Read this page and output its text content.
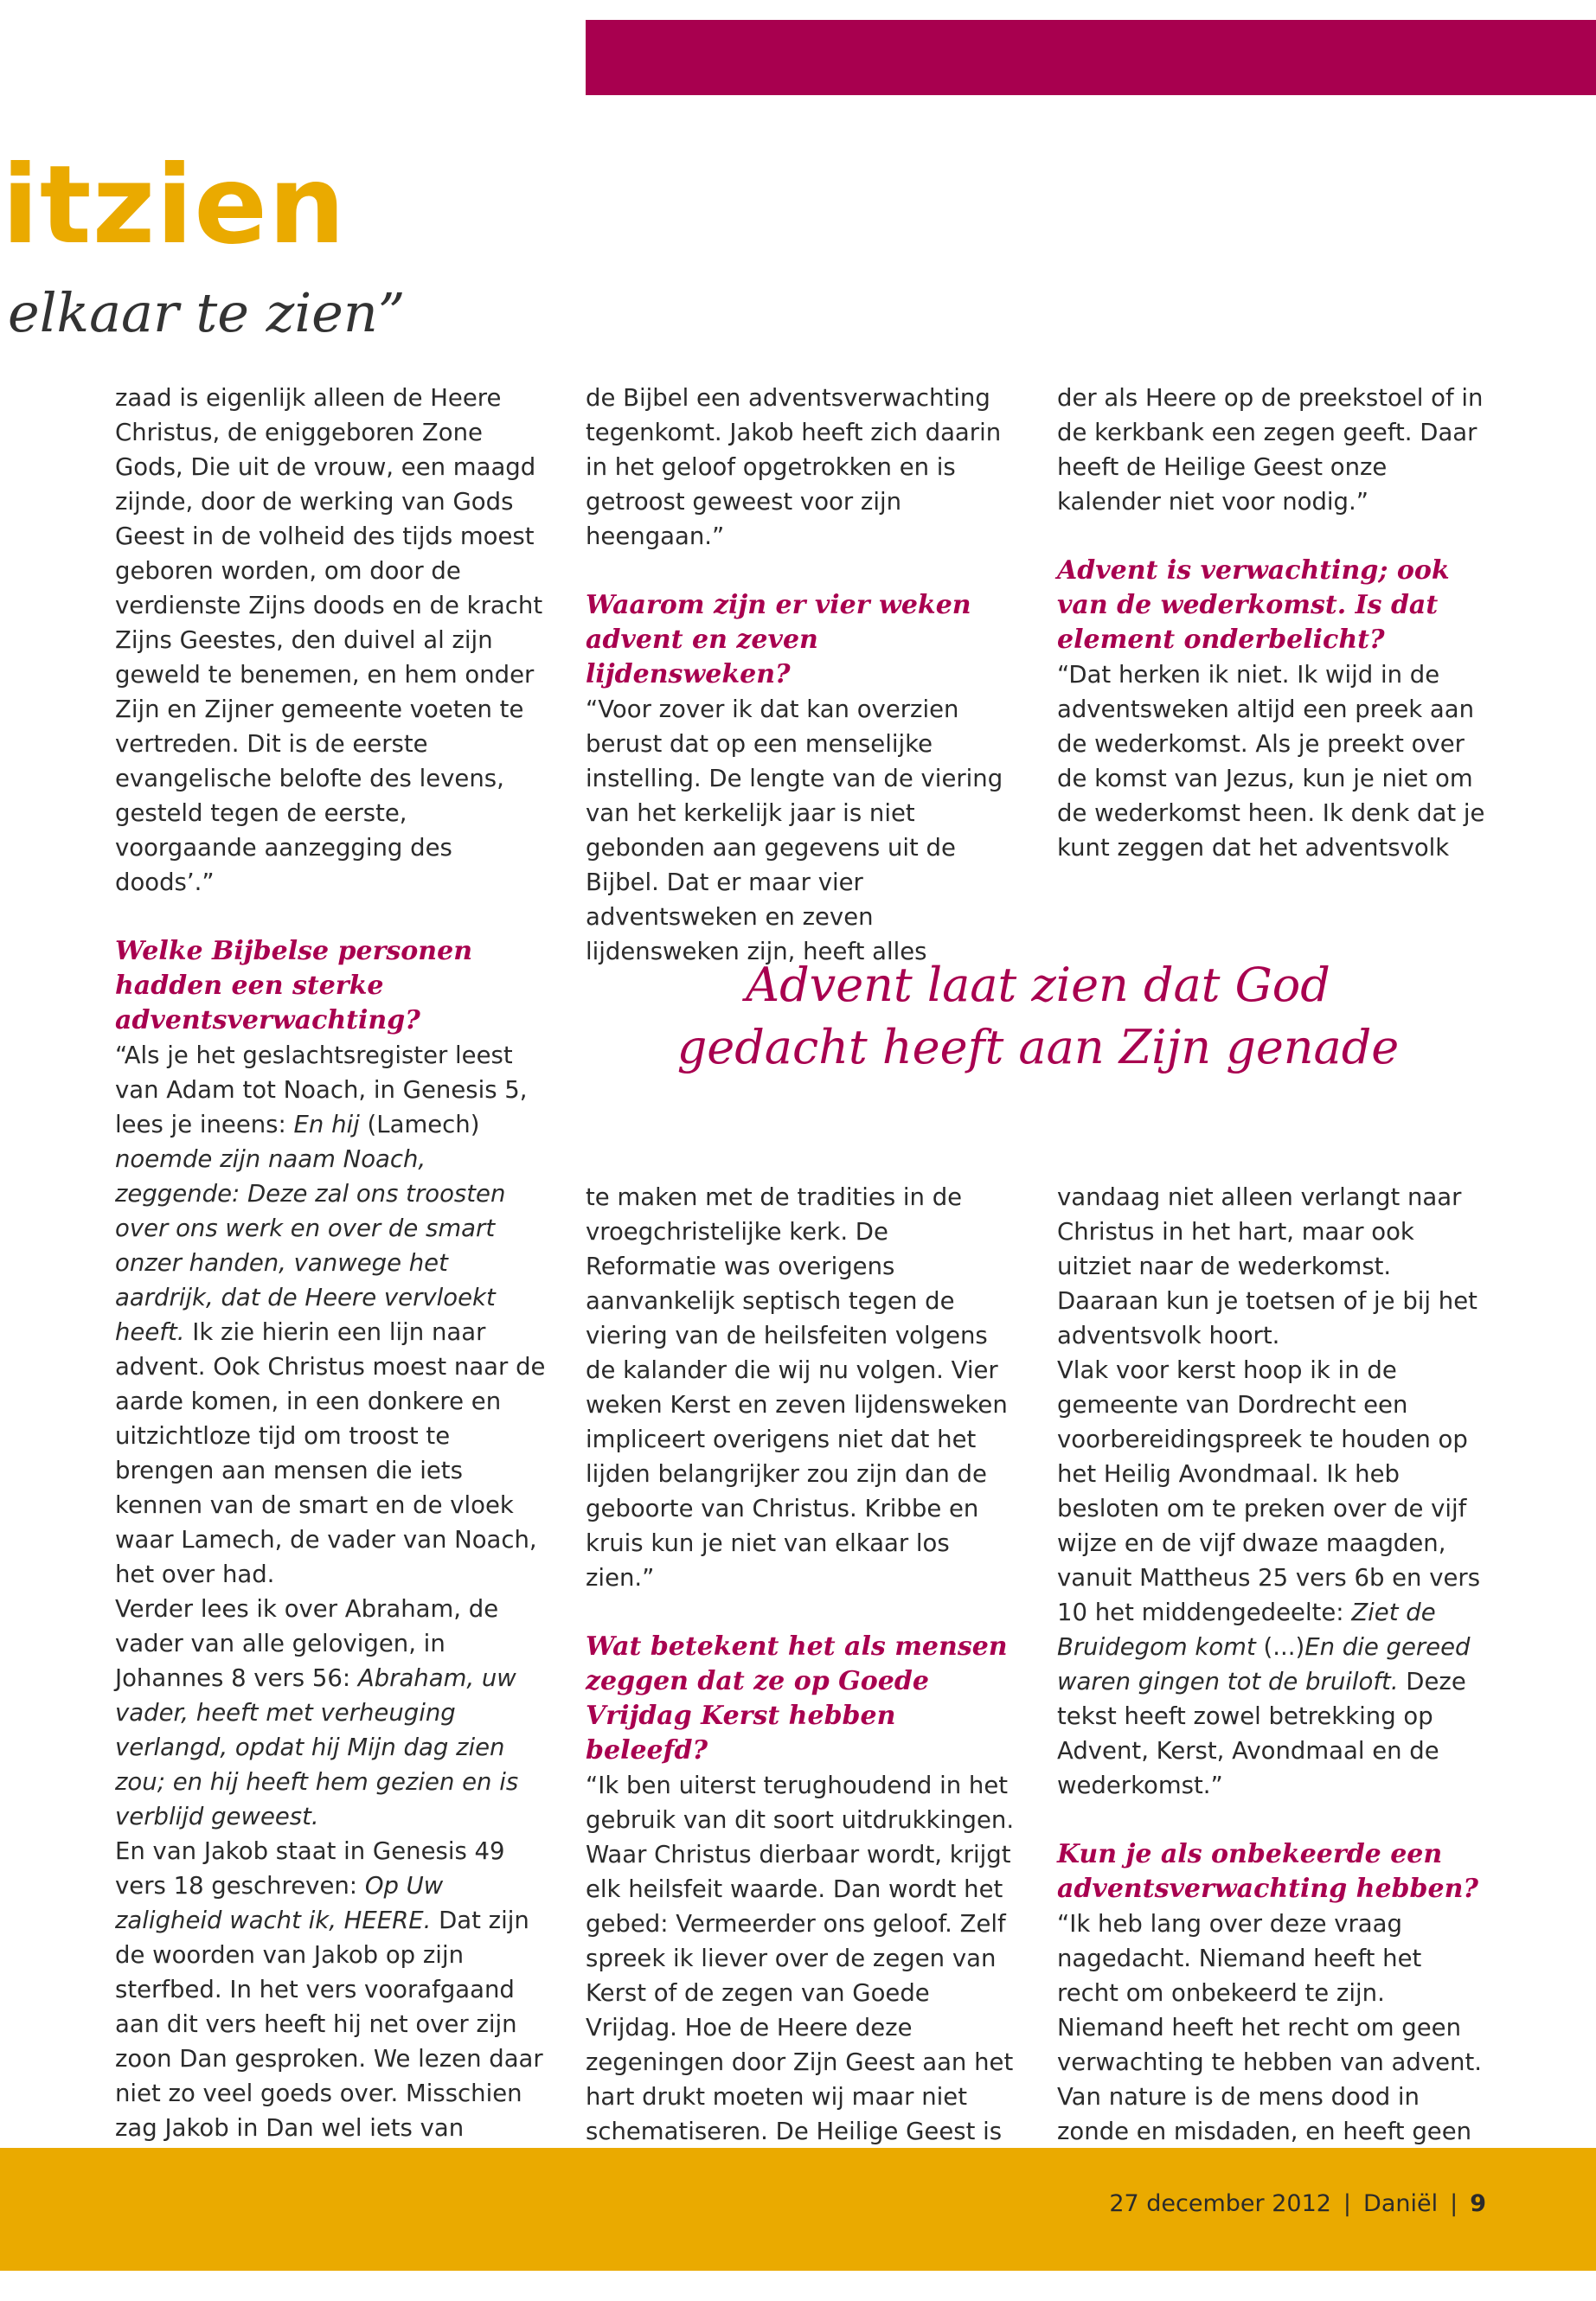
itzien
elkaar te zien”

zaad is eigenlijk alleen de Heere Christus, de eniggeboren Zone Gods, Die uit de vrouw, een maagd zijnde, door de werking van Gods Geest in de volheid des tijds moest geboren worden, om door de verdienste Zijns doods en de kracht Zijns Geestes, den duivel al zijn geweld te benemen, en hem onder Zijn en Zijner gemeente voeten te vertreden. Dit is de eerste evangelische belofte des levens, gesteld tegen de eerste, voorgaande aanzegging des doods’.”

Welke Bijbelse personen hadden een sterke adventsverwachting?

“Als je het geslachtsregister leest van Adam tot Noach, in Genesis 5, lees je ineens: En hij (Lamech) noemde zijn naam Noach, zeggende: Deze zal ons troosten over ons werk en over de smart onzer handen, vanwege het aardrijk, dat de Heere vervloekt heeft. Ik zie hierin een lijn naar advent. Ook Christus moest naar de aarde komen, in een donkere en uitzichtloze tijd om troost te brengen aan mensen die iets kennen van de smart en de vloek waar Lamech, de vader van Noach, het over had.

Verder lees ik over Abraham, de vader van alle gelovigen, in Johannes 8 vers 56: Abraham, uw vader, heeft met verheuging verlangd, opdat hij Mijn dag zien zou; en hij heeft hem gezien en is verblijd geweest.

En van Jakob staat in Genesis 49 vers 18 geschreven: Op Uw zaligheid wacht ik, HEERE. Dat zijn de woorden van Jakob op zijn sterfbed. In het vers voorafgaand aan dit vers heeft hij net over zijn zoon Dan gesproken. We lezen daar niet zo veel goeds over. Misschien zag Jakob in Dan wel iets van

de Bijbel een adventsverwachting tegenkomt. Jakob heeft zich daarin in het geloof opgetrokken en is getroost geweest voor zijn heengaan.”

Waarom zijn er vier weken advent en zeven lijdensweken?

“Voor zover ik dat kan overzien berust dat op een menselijke instelling. De lengte van de viering van het kerkelijk jaar is niet gebonden aan gegevens uit de Bijbel. Dat er maar vier adventsweken en zeven lijdensweken zijn, heeft alles

der als Heere op de preekstoel of in de kerkbank een zegen geeft. Daar heeft de Heilige Geest onze kalender niet voor nodig.”

Advent is verwachting; ook van de wederkomst. Is dat element onderbelicht?

“Dat herken ik niet. Ik wijd in de adventsweken altijd een preek aan de wederkomst. Als je preekt over de komst van Jezus, kun je niet om de wederkomst heen. Ik denk dat je kunt zeggen dat het adventsvolk

Advent laat zien dat God
gedacht heeft aan Zijn genade

te maken met de tradities in de vroegchristelijke kerk. De Reformatie was overigens aanvankelijk septisch tegen de viering van de heilsfeiten volgens de kalander die wij nu volgen. Vier weken Kerst en zeven lijdensweken impliceert overigens niet dat het lijden belangrijker zou zijn dan de geboorte van Christus. Kribbe en kruis kun je niet van elkaar los zien.”

Wat betekent het als mensen zeggen dat ze op Goede Vrijdag Kerst hebben beleefd?

“Ik ben uiterst terughoudend in het gebruik van dit soort uitdrukkingen. Waar Christus dierbaar wordt, krijgt elk heilsfeit waarde. Dan wordt het gebed: Vermeerder ons geloof. Zelf spreek ik liever over de zegen van Kerst of de zegen van Goede Vrijdag. Hoe de Heere deze zegeningen door Zijn Geest aan het hart drukt moeten wij maar niet schematiseren. De Heilige Geest is

vandaag niet alleen verlangt naar Christus in het hart, maar ook uitziet naar de wederkomst. Daaraan kun je toetsen of je bij het adventsvolk hoort.

Vlak voor kerst hoop ik in de gemeente van Dordrecht een voorbereidingspreek te houden op het Heilig Avondmaal. Ik heb besloten om te preken over de vijf wijze en de vijf dwaze maagden, vanuit Mattheus 25 vers 6b en vers 10 het middengedeelte: Ziet de Bruidegom komt (...)En die gereed waren gingen tot de bruiloft. Deze tekst heeft zowel betrekking op Advent, Kerst, Avondmaal en de wederkomst.”

Kun je als onbekeerde een adventsverwachting hebben?

“Ik heb lang over deze vraag nagedacht. Niemand heeft het recht om onbekeerd te zijn. Niemand heeft het recht om geen verwachting te hebben van advent. Van nature is de mens dood in zonde en misdaden, en heeft geen

27 december 2012 | Daniël | 9
